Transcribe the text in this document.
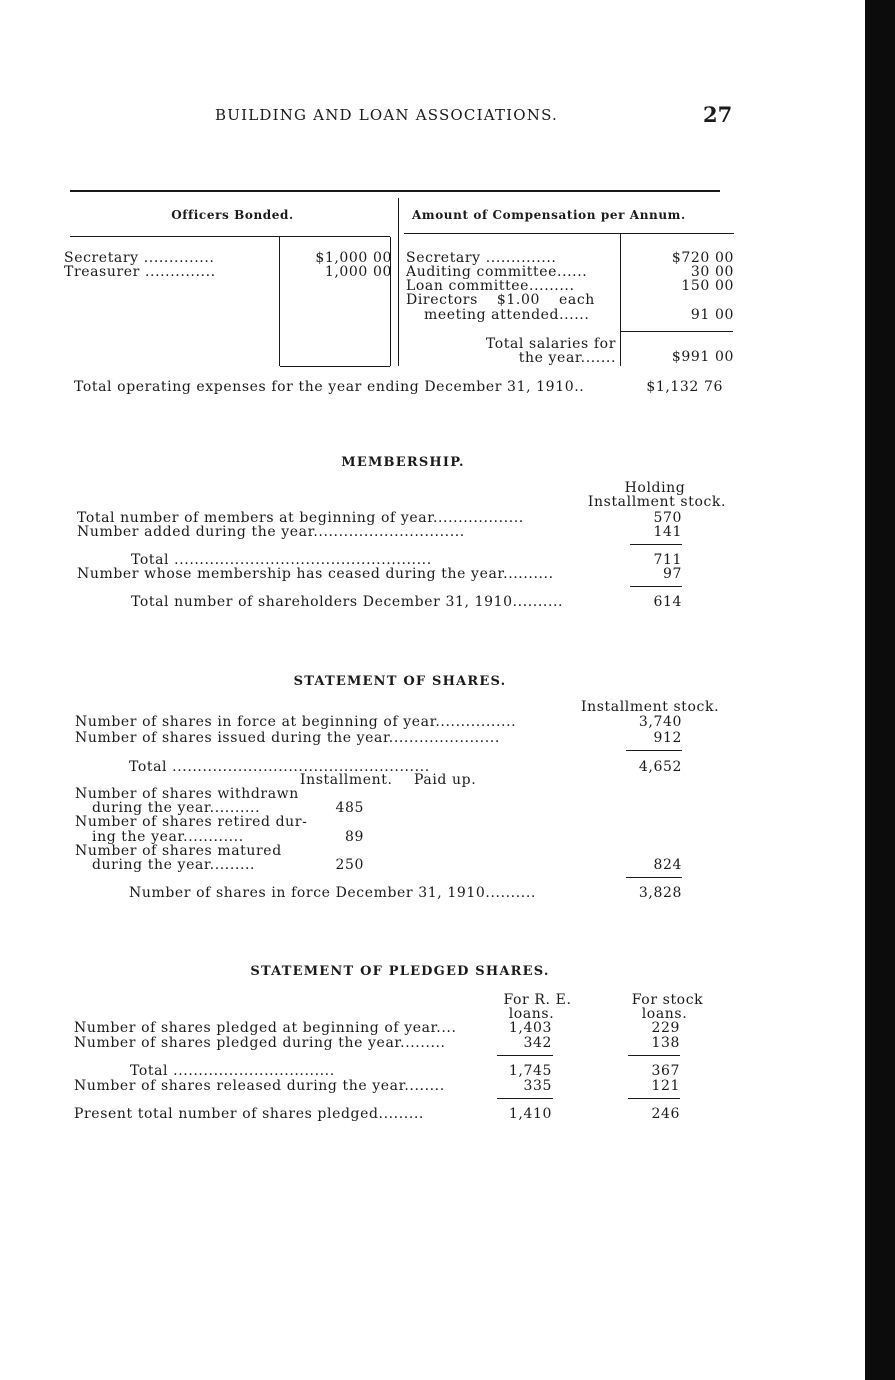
BUILDING AND LOAN ASSOCIATIONS.	27
Officers Bonded.	Amount of Compensation per Annum.
Secretary ..............	$1,000 00
Treasurer ..............	1,000 00
Secretary ..............	$720 00
Auditing committee......	30 00
Loan committee.........	150 00
Directors $1.00 each
meeting attended......	91 00
Total salaries for
the year.......	$991 00
Total operating expenses for the year ending December 31, 1910..	$1,132 76
MEMBERSHIP.
Holding
Installment stock.
Total number of members at beginning of year..................	570
Number added during the year..............................	141
Total ...................................................	711
Number whose membership has ceased during the year..........	97
Total number of shareholders December 31, 1910..........	614
STATEMENT OF SHARES.
Installment stock.
Number of shares in force at beginning of year................	3,740
Number of shares issued during the year......................	912
Total ...................................................	4,652
Installment. Paid up.
Number of shares withdrawn
during the year..........	485
Number of shares retired dur-
ing the year............	89
Number of shares matured
during the year.........	250	824
Number of shares in force December 31, 1910..........	3,828
STATEMENT OF PLEDGED SHARES.
For R. E.
loans.
For stock
loans.
Number of shares pledged at beginning of year....	1,403	229
Number of shares pledged during the year.........	342	138
Total ................................	1,745	367
Number of shares released during the year........	335	121
Present total number of shares pledged.........	1,410	246
